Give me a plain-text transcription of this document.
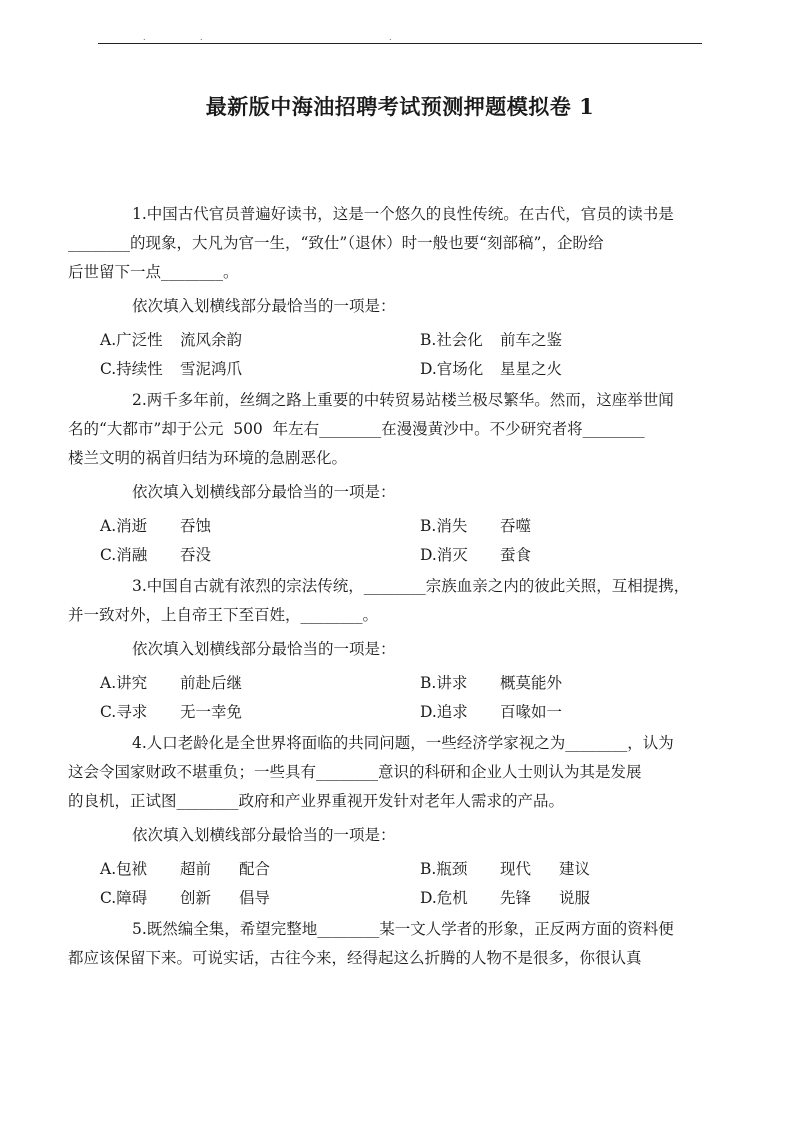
.	.	.
最新版中海油招聘考试预测押题模拟卷 1
1.中国古代官员普遍好读书，这是一个悠久的良性传统。在古代，官员的读书是
________的现象，大凡为官一生，“致仕”（退休）时一般也要“刻部稿”，企盼给
后世留下一点________。
依次填入划横线部分最恰当的一项是：
A.广泛性	流风余韵	B.社会化	前车之鉴
C.持续性	雪泥鸿爪	D.官场化	星星之火
2.两千多年前，丝绸之路上重要的中转贸易站楼兰极尽繁华。然而，这座举世闻
名的“大都市”却于公元  500  年左右________在漫漫黄沙中。不少研究者将________
楼兰文明的祸首归结为环境的急剧恶化。
依次填入划横线部分最恰当的一项是：
A.消逝	吞蚀	B.消失	吞噬
C.消融	吞没	D.消灭	蚕食
3.中国自古就有浓烈的宗法传统，________宗族血亲之内的彼此关照，互相提携，
并一致对外，上自帝王下至百姓，________。
依次填入划横线部分最恰当的一项是：
A.讲究	前赴后继	B.讲求	概莫能外
C.寻求	无一幸免	D.追求	百喙如一
4.人口老龄化是全世界将面临的共同问题，一些经济学家视之为________，认为
这会令国家财政不堪重负；一些具有________意识的科研和企业人士则认为其是发展
的良机，正试图________政府和产业界重视开发针对老年人需求的产品。
依次填入划横线部分最恰当的一项是：
A.包袱	超前 配合	B.瓶颈	现代 建议
C.障碍	创新 倡导	D.危机	先锋 说服
5.既然编全集，希望完整地________某一文人学者的形象，正反两方面的资料便
都应该保留下来。可说实话，古往今来，经得起这么折腾的人物不是很多，你很认真
